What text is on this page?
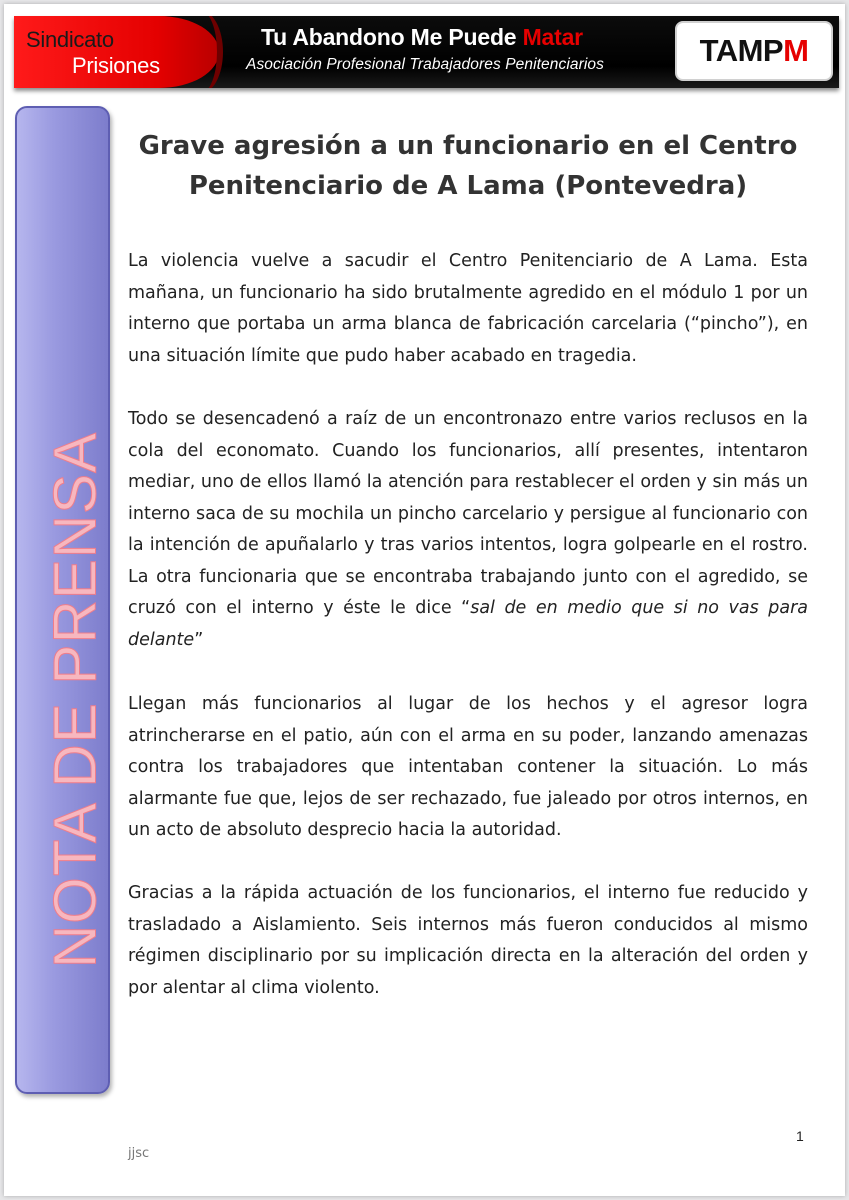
Sindicato
Prisiones
Tu Abandono Me Puede Matar
Asociación Profesional Trabajadores Penitenciarios	TAMP M
NOTA DE PRENSA
Grave agresión a un funcionario en el Centro
Penitenciario de A Lama (Pontevedra)

La violencia vuelve a sacudir el Centro Penitenciario de A Lama. Esta mañana, un funcionario ha sido brutalmente agredido en el módulo 1 por un interno que portaba un arma blanca de fabricación carcelaria (“pincho”), en una situación límite que pudo haber acabado en tragedia.

Todo se desencadenó a raíz de un encontronazo entre varios reclusos en la cola del economato. Cuando los funcionarios, allí presentes, intentaron mediar, uno de ellos llamó la atención para restablecer el orden y sin más un interno saca de su mochila un pincho carcelario y persigue al funcionario con la intención de apuñalarlo y tras varios intentos, logra golpearle en el rostro. La otra funcionaria que se encontraba trabajando junto con el agredido, se cruzó con el interno y éste le dice “sal de en medio que si no vas para delante”

Llegan más funcionarios al lugar de los hechos y el agresor logra atrincherarse en el patio, aún con el arma en su poder, lanzando amenazas contra los trabajadores que intentaban contener la situación. Lo más alarmante fue que, lejos de ser rechazado, fue jaleado por otros internos, en un acto de absoluto desprecio hacia la autoridad.

Gracias a la rápida actuación de los funcionarios, el interno fue reducido y trasladado a Aislamiento. Seis internos más fueron conducidos al mismo régimen disciplinario por su implicación directa en la alteración del orden y por alentar al clima violento.

1
jjsc
